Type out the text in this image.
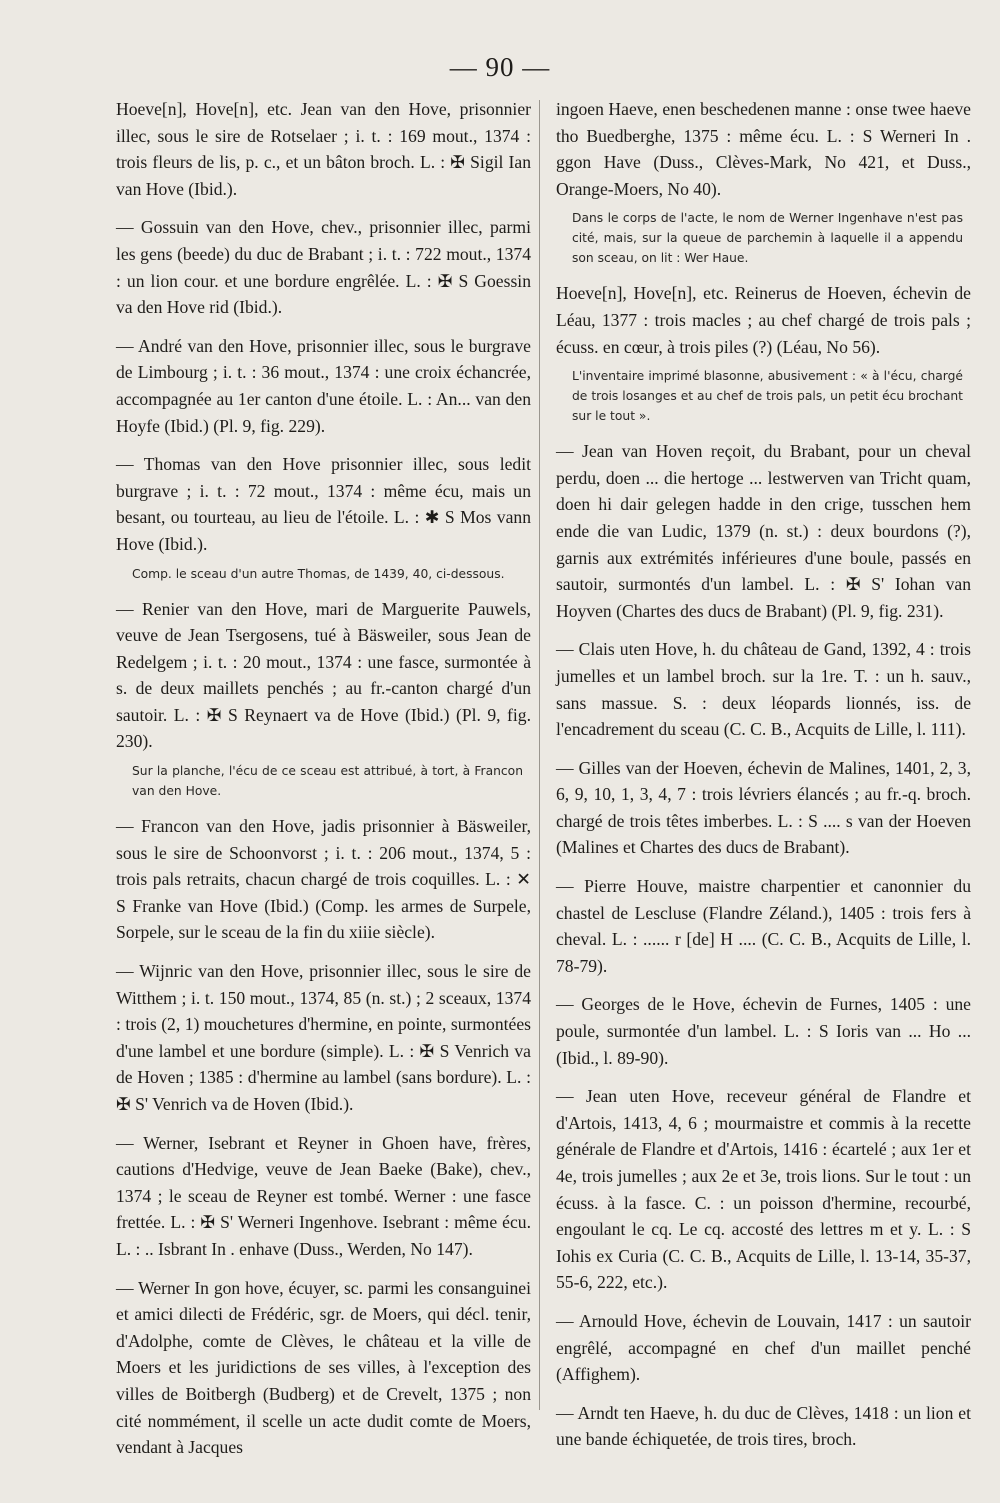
— 90 —

Hoeve[n], Hove[n], etc. Jean van den Hove, prisonnier illec, sous le sire de Rotselaer ; i. t. : 169 mout., 1374 : trois fleurs de lis, p. c., et un bâton broch. L. : ✠ Sigil Ian van Hove (Ibid.).

— Gossuin van den Hove, chev., prisonnier illec, parmi les gens (beede) du duc de Brabant ; i. t. : 722 mout., 1374 : un lion cour. et une bordure engrêlée. L. : ✠ S Goessin va den Hove rid (Ibid.).

— André van den Hove, prisonnier illec, sous le burgrave de Limbourg ; i. t. : 36 mout., 1374 : une croix échancrée, accompagnée au 1er canton d'une étoile. L. : An... van den Hoyfe (Ibid.) (Pl. 9, fig. 229).

— Thomas van den Hove prisonnier illec, sous ledit burgrave ; i. t. : 72 mout., 1374 : même écu, mais un besant, ou tourteau, au lieu de l'étoile. L. : ✱ S Mos vann Hove (Ibid.).

Comp. le sceau d'un autre Thomas, de 1439, 40, ci-dessous.

— Renier van den Hove, mari de Marguerite Pauwels, veuve de Jean Tsergosens, tué à Bäsweiler, sous Jean de Redelgem ; i. t. : 20 mout., 1374 : une fasce, surmontée à s. de deux maillets penchés ; au fr.-canton chargé d'un sautoir. L. : ✠ S Reynaert va de Hove (Ibid.) (Pl. 9, fig. 230).

Sur la planche, l'écu de ce sceau est attribué, à tort, à Francon van den Hove.

— Francon van den Hove, jadis prisonnier à Bäsweiler, sous le sire de Schoonvorst ; i. t. : 206 mout., 1374, 5 : trois pals retraits, chacun chargé de trois coquilles. L. : ✕ S Franke van Hove (Ibid.) (Comp. les armes de Surpele, Sorpele, sur le sceau de la fin du xiiie siècle).

— Wijnric van den Hove, prisonnier illec, sous le sire de Witthem ; i. t. 150 mout., 1374, 85 (n. st.) ; 2 sceaux, 1374 : trois (2, 1) mouchetures d'hermine, en pointe, surmontées d'une lambel et une bordure (simple). L. : ✠ S Venrich va de Hoven ; 1385 : d'hermine au lambel (sans bordure). L. : ✠ S' Venrich va de Hoven (Ibid.).

— Werner, Isebrant et Reyner in Ghoen have, frères, cautions d'Hedvige, veuve de Jean Baeke (Bake), chev., 1374 ; le sceau de Reyner est tombé. Werner : une fasce frettée. L. : ✠ S' Werneri Ingenhove. Isebrant : même écu. L. : .. Isbrant In . enhave (Duss., Werden, No 147).

— Werner In gon hove, écuyer, sc. parmi les consanguinei et amici dilecti de Frédéric, sgr. de Moers, qui décl. tenir, d'Adolphe, comte de Clèves, le château et la ville de Moers et les juridictions de ses villes, à l'exception des villes de Boitbergh (Budberg) et de Crevelt, 1375 ; non cité nommément, il scelle un acte dudit comte de Moers, vendant à Jacques

ingoen Haeve, enen beschedenen manne : onse twee haeve tho Buedberghe, 1375 : même écu. L. : S Werneri In . ggon Have (Duss., Clèves-Mark, No 421, et Duss., Orange-Moers, No 40).

Dans le corps de l'acte, le nom de Werner Ingenhave n'est pas cité, mais, sur la queue de parchemin à laquelle il a appendu son sceau, on lit : Wer Haue.

Hoeve[n], Hove[n], etc. Reinerus de Hoeven, échevin de Léau, 1377 : trois macles ; au chef chargé de trois pals ; écuss. en cœur, à trois piles (?) (Léau, No 56).

L'inventaire imprimé blasonne, abusivement : « à l'écu, chargé de trois losanges et au chef de trois pals, un petit écu brochant sur le tout ».

— Jean van Hoven reçoit, du Brabant, pour un cheval perdu, doen ... die hertoge ... lestwerven van Tricht quam, doen hi dair gelegen hadde in den crige, tusschen hem ende die van Ludic, 1379 (n. st.) : deux bourdons (?), garnis aux extrémités inférieures d'une boule, passés en sautoir, surmontés d'un lambel. L. : ✠ S' Iohan van Hoyven (Chartes des ducs de Brabant) (Pl. 9, fig. 231).

— Clais uten Hove, h. du château de Gand, 1392, 4 : trois jumelles et un lambel broch. sur la 1re. T. : un h. sauv., sans massue. S. : deux léopards lionnés, iss. de l'encadrement du sceau (C. C. B., Acquits de Lille, l. 111).

— Gilles van der Hoeven, échevin de Malines, 1401, 2, 3, 6, 9, 10, 1, 3, 4, 7 : trois lévriers élancés ; au fr.-q. broch. chargé de trois têtes imberbes. L. : S .... s van der Hoeven (Malines et Chartes des ducs de Brabant).

— Pierre Houve, maistre charpentier et canonnier du chastel de Lescluse (Flandre Zéland.), 1405 : trois fers à cheval. L. : ...... r [de] H .... (C. C. B., Acquits de Lille, l. 78-79).

— Georges de le Hove, échevin de Furnes, 1405 : une poule, surmontée d'un lambel. L. : S Ioris van ... Ho ... (Ibid., l. 89-90).

— Jean uten Hove, receveur général de Flandre et d'Artois, 1413, 4, 6 ; mourmaistre et commis à la recette générale de Flandre et d'Artois, 1416 : écartelé ; aux 1er et 4e, trois jumelles ; aux 2e et 3e, trois lions. Sur le tout : un écuss. à la fasce. C. : un poisson d'hermine, recourbé, engoulant le cq. Le cq. accosté des lettres m et y. L. : S Iohis ex Curia (C. C. B., Acquits de Lille, l. 13-14, 35-37, 55-6, 222, etc.).

— Arnould Hove, échevin de Louvain, 1417 : un sautoir engrêlé, accompagné en chef d'un maillet penché (Affighem).

— Arndt ten Haeve, h. du duc de Clèves, 1418 : un lion et une bande échiquetée, de trois tires, broch.
